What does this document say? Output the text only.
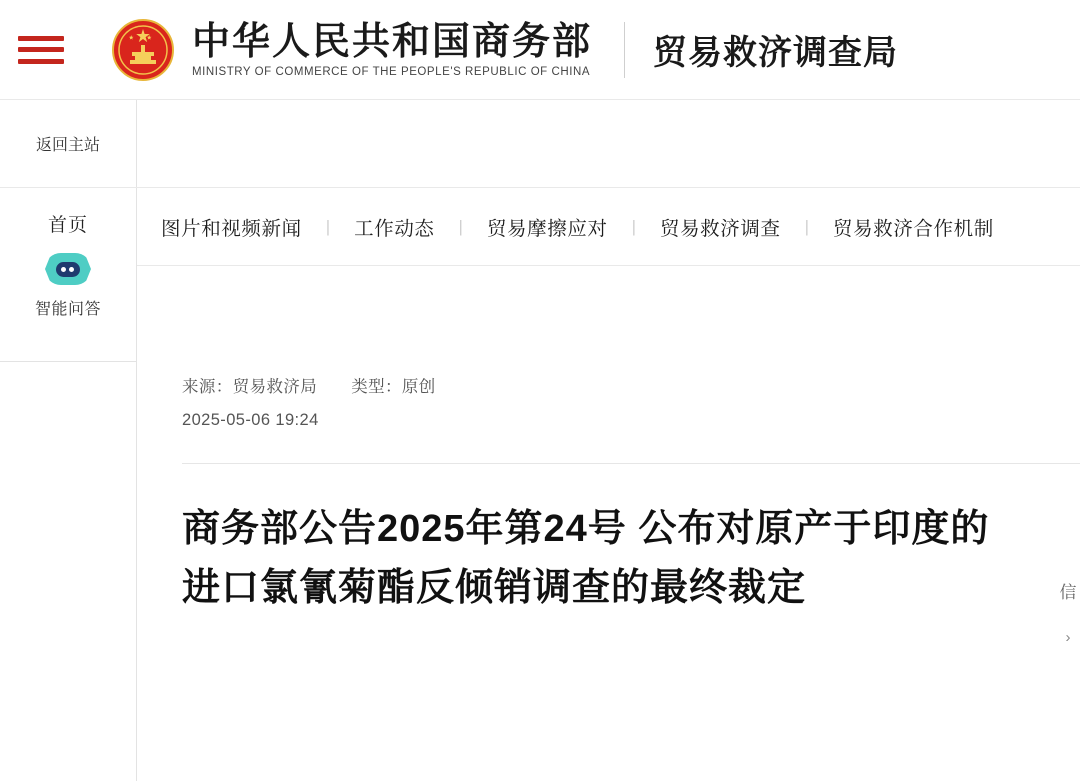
中华人民共和国商务部
MINISTRY OF COMMERCE OF THE PEOPLE'S REPUBLIC OF CHINA
贸易救济调查局
返回主站
首页
智能问答
图片和视频新闻 | 工作动态 | 贸易摩擦应对 | 贸易救济调查 | 贸易救济合作机制
来源：贸易救济局 类型：原创
2025-05-06 19:24
商务部公告2025年第24号 公布对原产于印度的进口氯氰菊酯反倾销调查的最终裁定	信
›
